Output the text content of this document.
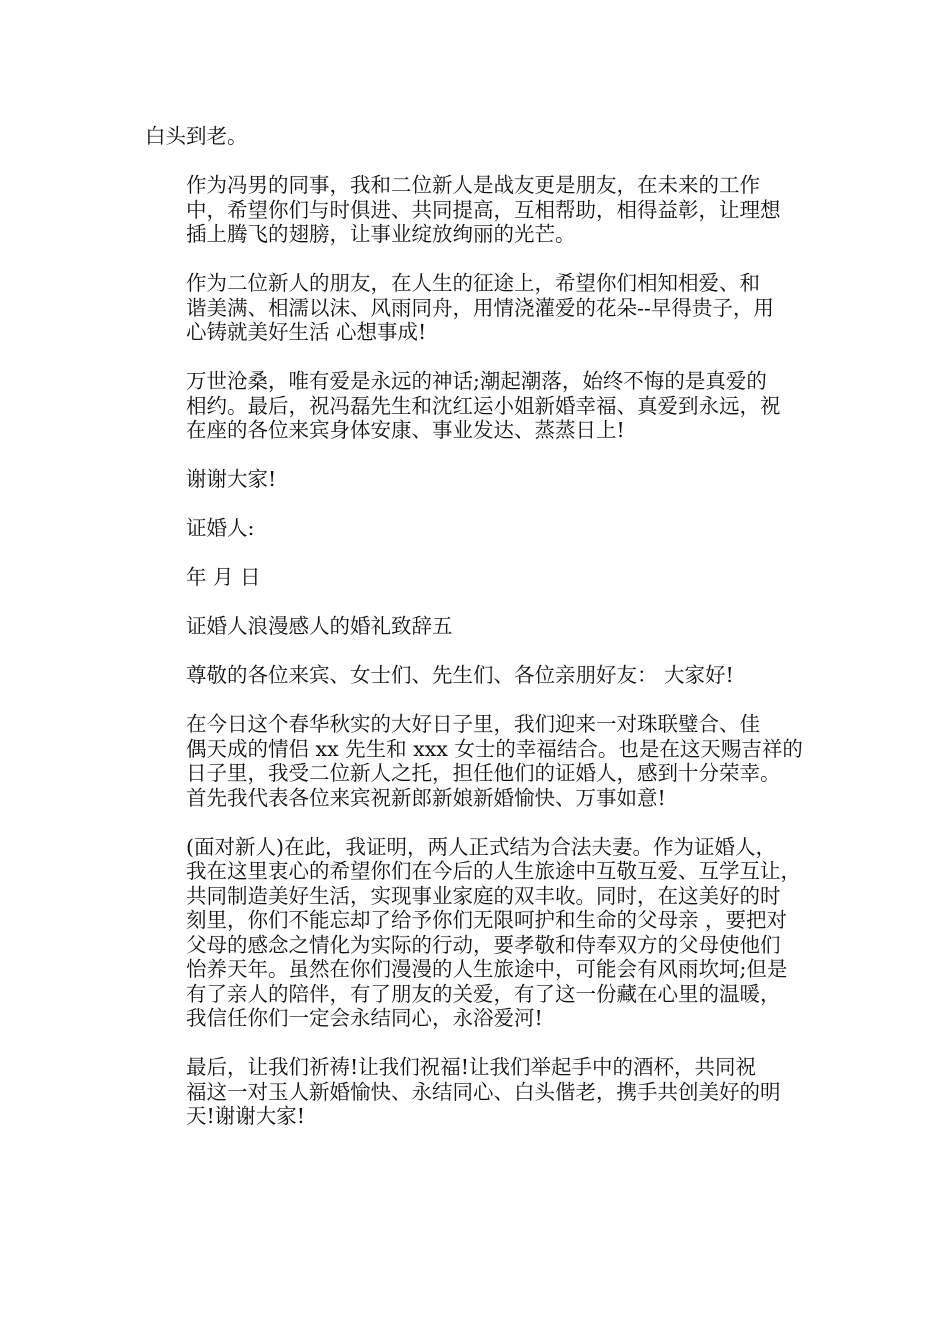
白头到老。
作为冯男的同事，我和二位新人是战友更是朋友，在未来的工作
中，希望你们与时俱进、共同提高，互相帮助，相得益彰，让理想
插上腾飞的翅膀，让事业绽放绚丽的光芒。
作为二位新人的朋友，在人生的征途上，希望你们相知相爱、和
谐美满、相濡以沫、风雨同舟，用情浇灌爱的花朵--早得贵子，用
心铸就美好生活 心想事成!
万世沧桑，唯有爱是永远的神话;潮起潮落，始终不悔的是真爱的
相约。最后，祝冯磊先生和沈红运小姐新婚幸福、真爱到永远，祝
在座的各位来宾身体安康、事业发达、蒸蒸日上!
谢谢大家!
证婚人:
年 月 日
证婚人浪漫感人的婚礼致辞五
尊敬的各位来宾、女士们、先生们、各位亲朋好友： 大家好!
在今日这个春华秋实的大好日子里，我们迎来一对珠联璧合、佳
偶天成的情侣 xx 先生和 xxx 女士的幸福结合。也是在这天赐吉祥的
日子里，我受二位新人之托，担任他们的证婚人，感到十分荣幸。
首先我代表各位来宾祝新郎新娘新婚愉快、万事如意!
(面对新人)在此，我证明，两人正式结为合法夫妻。作为证婚人，
我在这里衷心的希望你们在今后的人生旅途中互敬互爱、互学互让，
共同制造美好生活，实现事业家庭的双丰收。同时，在这美好的时
刻里，你们不能忘却了给予你们无限呵护和生命的父母亲 ，要把对
父母的感念之情化为实际的行动，要孝敬和侍奉双方的父母使他们
怡养天年。虽然在你们漫漫的人生旅途中，可能会有风雨坎坷;但是
有了亲人的陪伴，有了朋友的关爱，有了这一份藏在心里的温暖，
我信任你们一定会永结同心，永浴爱河!
最后，让我们祈祷!让我们祝福!让我们举起手中的酒杯，共同祝
福这一对玉人新婚愉快、永结同心、白头偕老，携手共创美好的明
天!谢谢大家!
